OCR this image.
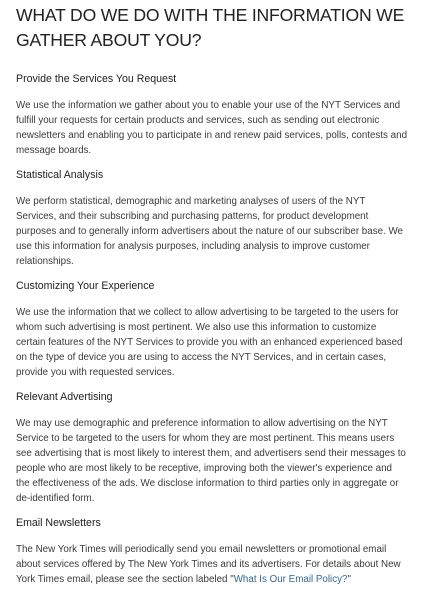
WHAT DO WE DO WITH THE INFORMATION WE GATHER ABOUT YOU?
Provide the Services You Request

We use the information we gather about you to enable your use of the NYT Services and fulfill your requests for certain products and services, such as sending out electronic newsletters and enabling you to participate in and renew paid services, polls, contests and message boards.

Statistical Analysis

We perform statistical, demographic and marketing analyses of users of the NYT Services, and their subscribing and purchasing patterns, for product development purposes and to generally inform advertisers about the nature of our subscriber base. We use this information for analysis purposes, including analysis to improve customer relationships.

Customizing Your Experience

We use the information that we collect to allow advertising to be targeted to the users for whom such advertising is most pertinent. We also use this information to customize certain features of the NYT Services to provide you with an enhanced experienced based on the type of device you are using to access the NYT Services, and in certain cases, provide you with requested services.

Relevant Advertising

We may use demographic and preference information to allow advertising on the NYT Service to be targeted to the users for whom they are most pertinent. This means users see advertising that is most likely to interest them, and advertisers send their messages to people who are most likely to be receptive, improving both the viewer's experience and the effectiveness of the ads. We disclose information to third parties only in aggregate or de-identified form.

Email Newsletters

The New York Times will periodically send you email newsletters or promotional email about services offered by The New York Times and its advertisers. For details about New York Times email, please see the section labeled "What Is Our Email Policy?"
